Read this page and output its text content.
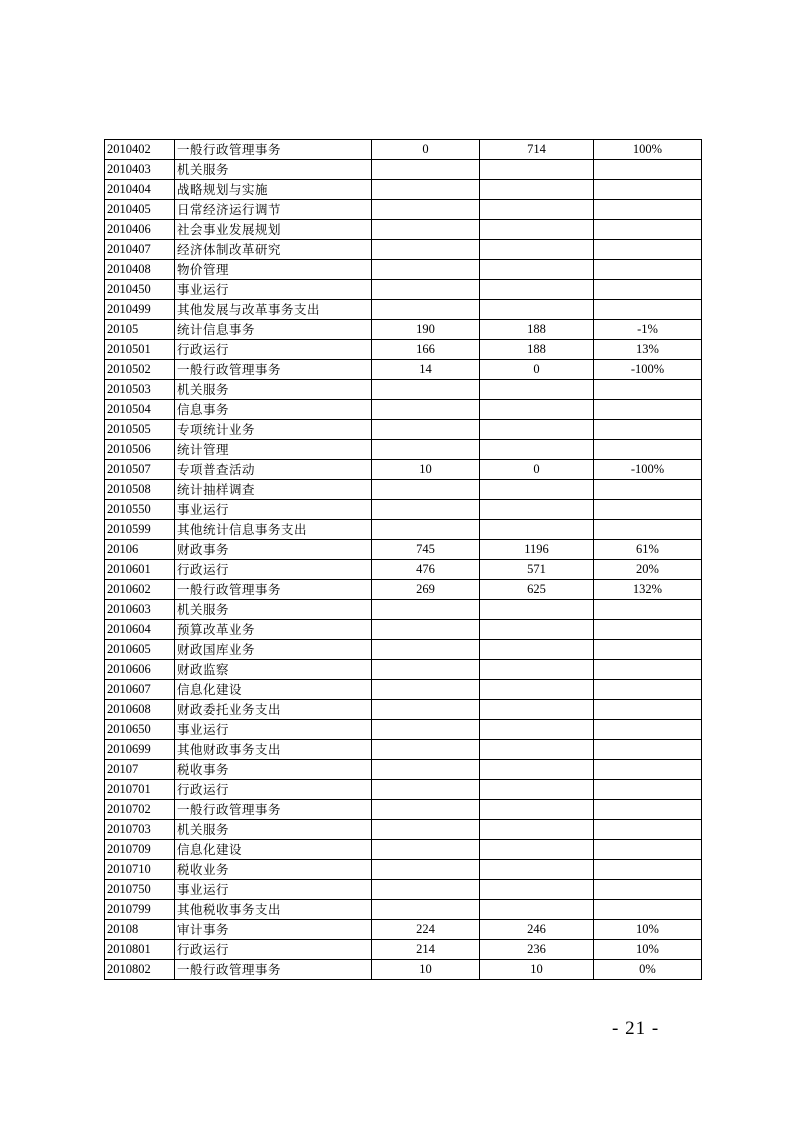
2010402	一般行政管理事务	0	714	100%
2010403	机关服务			
2010404	战略规划与实施			
2010405	日常经济运行调节			
2010406	社会事业发展规划			
2010407	经济体制改革研究			
2010408	物价管理			
2010450	事业运行			
2010499	其他发展与改革事务支出			
20105	统计信息事务	190	188	-1%
2010501	行政运行	166	188	13%
2010502	一般行政管理事务	14	0	-100%
2010503	机关服务			
2010504	信息事务			
2010505	专项统计业务			
2010506	统计管理			
2010507	专项普查活动	10	0	-100%
2010508	统计抽样调查			
2010550	事业运行			
2010599	其他统计信息事务支出			
20106	财政事务	745	1196	61%
2010601	行政运行	476	571	20%
2010602	一般行政管理事务	269	625	132%
2010603	机关服务			
2010604	预算改革业务			
2010605	财政国库业务			
2010606	财政监察			
2010607	信息化建设			
2010608	财政委托业务支出			
2010650	事业运行			
2010699	其他财政事务支出			
20107	税收事务			
2010701	行政运行			
2010702	一般行政管理事务			
2010703	机关服务			
2010709	信息化建设			
2010710	税收业务			
2010750	事业运行			
2010799	其他税收事务支出			
20108	审计事务	224	246	10%
2010801	行政运行	214	236	10%
2010802	一般行政管理事务	10	10	0%
- 21 -
